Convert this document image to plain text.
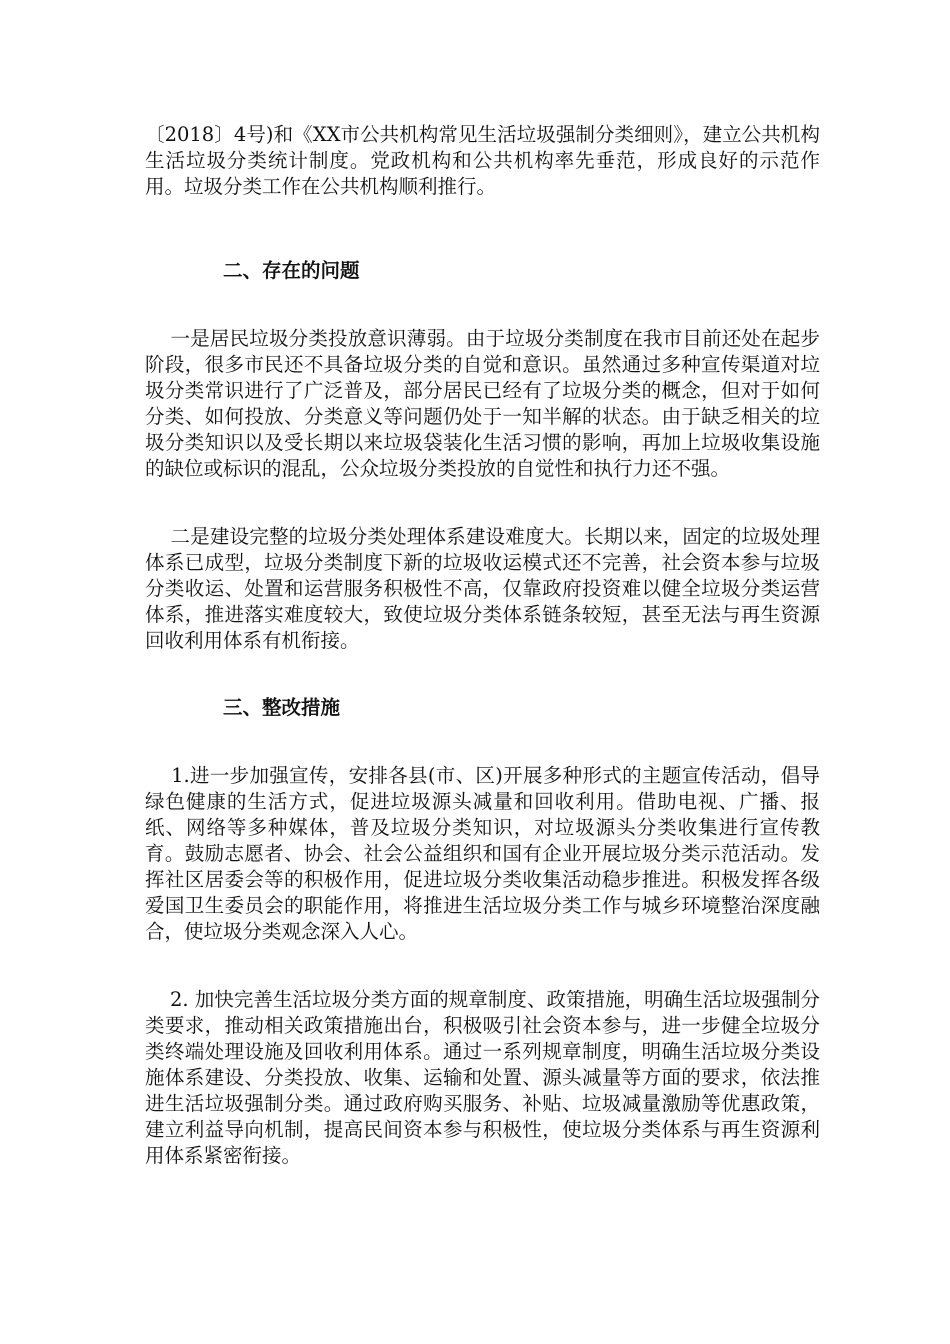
〔2018〕4号)和《XX市公共机构常见生活垃圾强制分类细则》，建立公共机构生活垃圾分类统计制度。党政机构和公共机构率先垂范，形成良好的示范作用。垃圾分类工作在公共机构顺利推行。

二、存在的问题

一是居民垃圾分类投放意识薄弱。由于垃圾分类制度在我市目前还处在起步阶段，很多市民还不具备垃圾分类的自觉和意识。虽然通过多种宣传渠道对垃圾分类常识进行了广泛普及，部分居民已经有了垃圾分类的概念，但对于如何分类、如何投放、分类意义等问题仍处于一知半解的状态。由于缺乏相关的垃圾分类知识以及受长期以来垃圾袋装化生活习惯的影响，再加上垃圾收集设施的缺位或标识的混乱，公众垃圾分类投放的自觉性和执行力还不强。

二是建设完整的垃圾分类处理体系建设难度大。长期以来，固定的垃圾处理体系已成型，垃圾分类制度下新的垃圾收运模式还不完善，社会资本参与垃圾分类收运、处置和运营服务积极性不高，仅靠政府投资难以健全垃圾分类运营体系，推进落实难度较大，致使垃圾分类体系链条较短，甚至无法与再生资源回收利用体系有机衔接。

三、整改措施

1.进一步加强宣传，安排各县(市、区)开展多种形式的主题宣传活动，倡导绿色健康的生活方式，促进垃圾源头减量和回收利用。借助电视、广播、报纸、网络等多种媒体，普及垃圾分类知识，对垃圾源头分类收集进行宣传教育。鼓励志愿者、协会、社会公益组织和国有企业开展垃圾分类示范活动。发挥社区居委会等的积极作用，促进垃圾分类收集活动稳步推进。积极发挥各级爱国卫生委员会的职能作用，将推进生活垃圾分类工作与城乡环境整治深度融合，使垃圾分类观念深入人心。

2. 加快完善生活垃圾分类方面的规章制度、政策措施，明确生活垃圾强制分类要求，推动相关政策措施出台，积极吸引社会资本参与，进一步健全垃圾分类终端处理设施及回收利用体系。通过一系列规章制度，明确生活垃圾分类设施体系建设、分类投放、收集、运输和处置、源头减量等方面的要求，依法推进生活垃圾强制分类。通过政府购买服务、补贴、垃圾减量激励等优惠政策，建立利益导向机制，提高民间资本参与积极性，使垃圾分类体系与再生资源利用体系紧密衔接。
